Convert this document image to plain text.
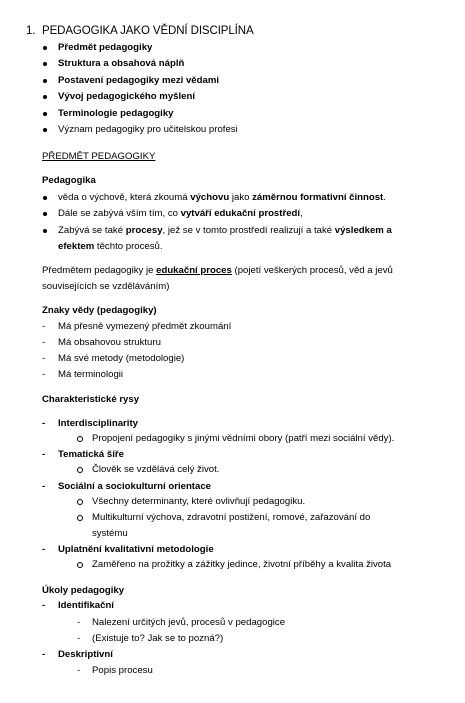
1. PEDAGOGIKA JAKO VĚDNÍ DISCIPLÍNA
Předmět pedagogiky
Struktura a obsahová náplň
Postavení pedagogiky mezi vědami
Vývoj pedagogického myšlení
Terminologie pedagogiky
Význam pedagogiky pro učitelskou profesi
PŘEDMĚT PEDAGOGIKY
Pedagogika
věda o výchově, která zkoumá výchovu jako záměrnou formativní činnost.
Dále se zabývá vším tím, co vytváří edukační prostředí,
Zabývá se také procesy, jež se v tomto prostředí realizují a také výsledkem a
efektem těchto procesů.
Předmětem pedagogiky je edukační proces (pojetí veškerých procesů, věd a jevů
souvisejících se vzděláváním)
Znaky vědy (pedagogiky)
- Má přesně vymezený předmět zkoumání
- Má obsahovou strukturu
- Má své metody (metodologie)
- Má terminologii
Charakteristické rysy
- Interdisciplinarity
Propojení pedagogiky s jinými vědními obory (patří mezi sociální vědy).
- Tematická šíře
Člověk se vzdělává celý život.
- Sociální a sociokulturní orientace
Všechny determinanty, které ovlivňují pedagogiku.
Multikulturní výchova, zdravotní postižení, romové, zařazování do
systému
- Uplatnění kvalitativní metodologie
Zaměřeno na prožitky a zážitky jedince, životní příběhy a kvalita života
Úkoly pedagogiky
- Identifikační
- Nalezení určitých jevů, procesů v pedagogice
- (Existuje to? Jak se to pozná?)
- Deskriptivní
- Popis procesu
